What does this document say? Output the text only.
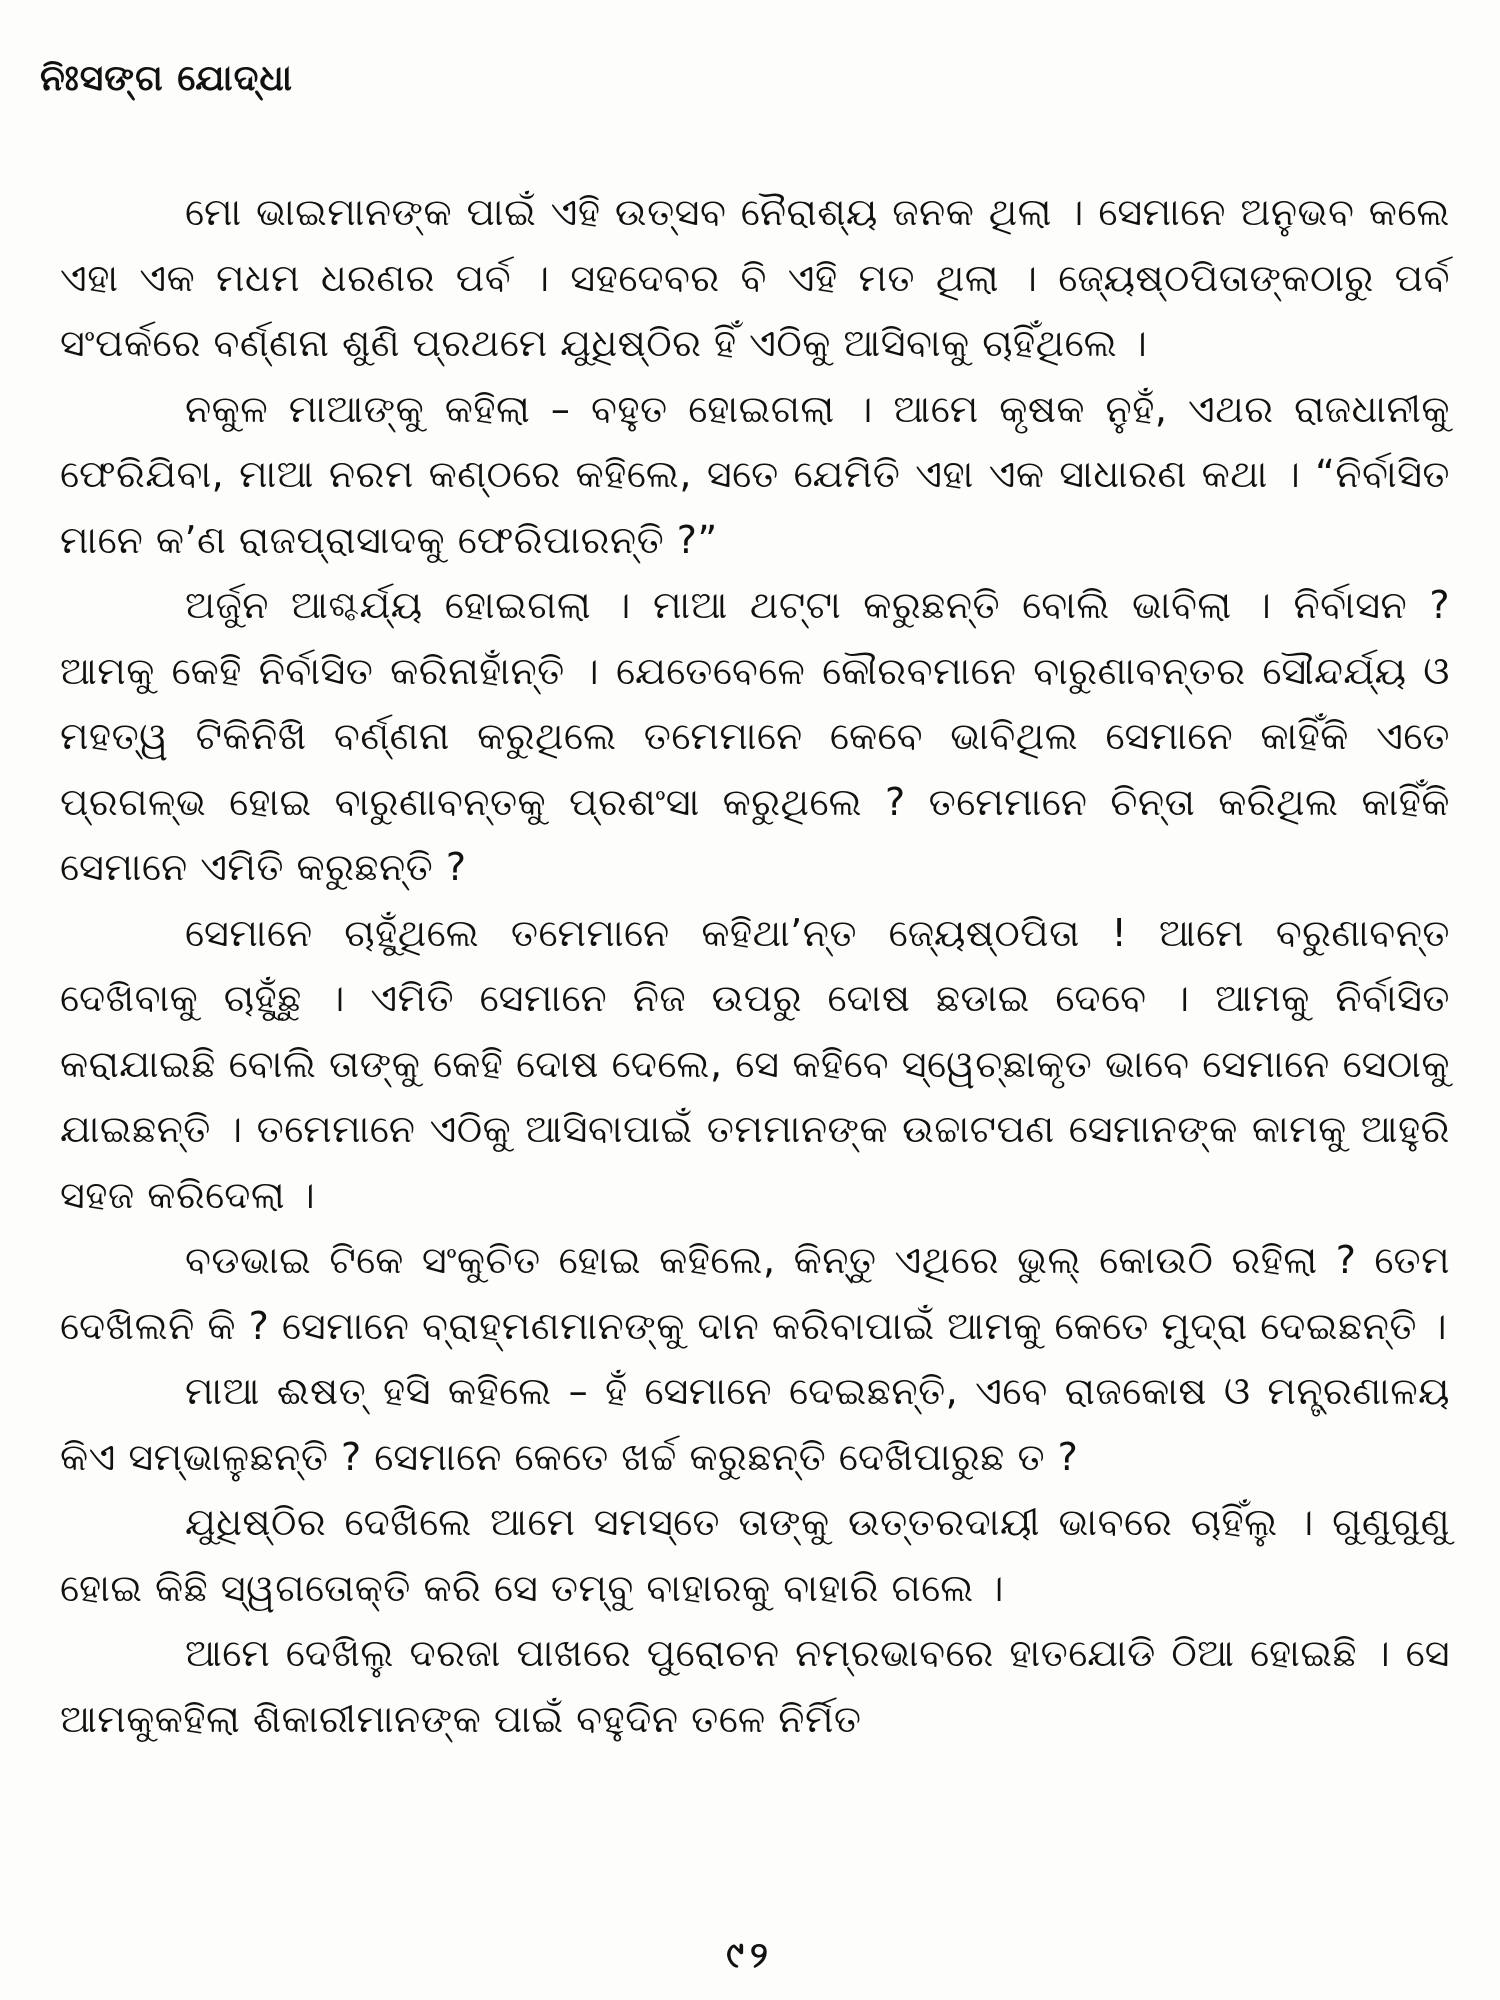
ନିଃସଙ୍ଗ ଯୋଦ୍ଧା

ମୋ ଭାଇମାନଙ୍କ ପାଇଁ ଏହି ଉତ୍ସବ ନୈରାଶ୍ୟ ଜନକ ଥିଲା । ସେମାନେ ଅନୁଭବ କଲେ ଏହା ଏକ ମଧମ ଧରଣର ପର୍ବ । ସହଦେବର ବି ଏହି ମତ ଥିଲା । ଜ୍ୟେଷ୍ଠପିତାଙ୍କଠାରୁ ପର୍ବ ସଂପର୍କରେ ବର୍ଣ୍ଣନା ଶୁଣି ପ୍ରଥମେ ଯୁଧିଷ୍ଠିର ହିଁ ଏଠିକୁ ଆସିବାକୁ ଚାହିଁଥିଲେ ।

ନକୁଳ ମାଆଙ୍କୁ କହିଲା – ବହୁତ ହୋଇଗଲା । ଆମେ କୃଷକ ନୁହଁ, ଏଥର ରାଜଧାନୀକୁ ଫେରିଯିବା, ମାଆ ନରମ କଣ୍ଠରେ କହିଲେ, ସତେ ଯେମିତି ଏହା ଏକ ସାଧାରଣ କଥା । “ନିର୍ବାସିତ ମାନେ କ’ଣ ରାଜପ୍ରାସାଦକୁ ଫେରିପାରନ୍ତି ?”

ଅର୍ଜୁନ ଆଶ୍ଚର୍ଯ୍ୟ ହୋଇଗଲା । ମାଆ ଥଟ୍ଟା କରୁଛନ୍ତି ବୋଲି ଭାବିଲା । ନିର୍ବାସନ ? ଆମକୁ କେହି ନିର୍ବାସିତ କରିନାହାଁନ୍ତି । ଯେତେବେଳେ କୌରବମାନେ ବାରୁଣାବନ୍ତର ସୌନ୍ଦର୍ଯ୍ୟ ଓ ମହତ୍ୱ ଟିକିନିଖି ବର୍ଣ୍ଣନା କରୁଥିଲେ ତମେମାନେ କେବେ ଭାବିଥିଲ ସେମାନେ କାହିଁକି ଏତେ ପ୍ରଗଳ୍ଭ ହୋଇ ବାରୁଣାବନ୍ତକୁ ପ୍ରଶଂସା କରୁଥିଲେ ? ତମେମାନେ ଚିନ୍ତା କରିଥିଲ କାହିଁକି ସେମାନେ ଏମିତି କରୁଛନ୍ତି ?

ସେମାନେ ଚାହୁଁଥିଲେ ତମେମାନେ କହିଥା’ନ୍ତ ଜ୍ୟେଷ୍ଠପିତା ! ଆମେ ବରୁଣାବନ୍ତ ଦେଖିବାକୁ ଚାହୁଁଛୁ । ଏମିତି ସେମାନେ ନିଜ ଉପରୁ ଦୋଷ ଛଡାଇ ଦେବେ । ଆମକୁ ନିର୍ବାସିତ କରାଯାଇଛି ବୋଲି ତାଙ୍କୁ କେହି ଦୋଷ ଦେଲେ, ସେ କହିବେ ସ୍ୱେଚ୍ଛାକୃତ ଭାବେ ସେମାନେ ସେଠାକୁ ଯାଇଛନ୍ତି । ତମେମାନେ ଏଠିକୁ ଆସିବାପାଇଁ ତମମାନଙ୍କ ଉଚ୍ଚାଟପଣ ସେମାନଙ୍କ କାମକୁ ଆହୁରି ସହଜ କରିଦେଲା ।

ବଡଭାଇ ଟିକେ ସଂକୁଚିତ ହୋଇ କହିଲେ, କିନ୍ତୁ ଏଥିରେ ଭୁଲ୍ କୋଉଠି ରହିଲା ? ତେମ ଦେଖିଲନି କି ? ସେମାନେ ବ୍ରାହ୍ମଣମାନଙ୍କୁ ଦାନ କରିବାପାଇଁ ଆମକୁ କେତେ ମୁଦ୍ରା ଦେଇଛନ୍ତି ।

ମାଆ ଈଷତ୍ ହସି କହିଲେ – ହଁ ସେମାନେ ଦେଇଛନ୍ତି, ଏବେ ରାଜକୋଷ ଓ ମନ୍ତ୍ରଣାଳୟ କିଏ ସମ୍ଭାଳୁଛନ୍ତି ? ସେମାନେ କେତେ ଖର୍ଚ୍ଚ କରୁଛନ୍ତି ଦେଖିପାରୁଛ ତ ?

ଯୁଧିଷ୍ଠିର ଦେଖିଲେ ଆମେ ସମସ୍ତେ ତାଙ୍କୁ ଉତ୍ତରଦାୟୀ ଭାବରେ ଚାହିଁଲୁ । ଗୁଣୁଗୁଣୁ ହୋଇ କିଛି ସ୍ୱଗତୋକ୍ତି କରି ସେ ତମ୍ବୁ ବାହାରକୁ ବାହାରି ଗଲେ ।

ଆମେ ଦେଖିଲୁ ଦରଜା ପାଖରେ ପୁରୋଚନ ନମ୍ରଭାବରେ ହାତଯୋଡି ଠିଆ ହୋଇଛି । ସେ ଆମକୁକହିଲା ଶିକାରୀମାନଙ୍କ ପାଇଁ ବହୁଦିନ ତଳେ ନିର୍ମିତ

୯୨
